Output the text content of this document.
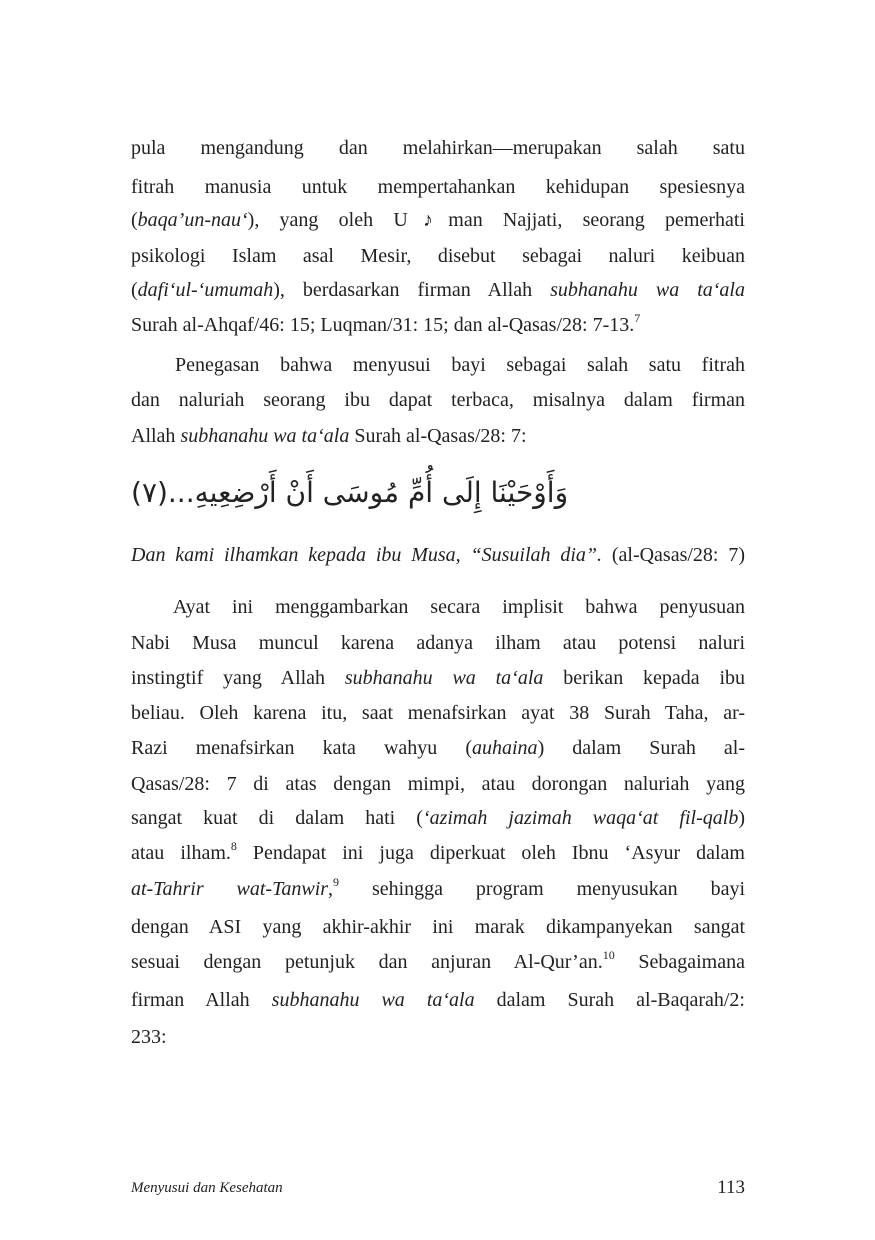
وَأَوْحَيْنَا إِلَى أُمِّ مُوسَى أَنْ أَرْضِعِيهِ...(٧)
Menyusui dan Kesehatan	113
pula mengandung dan melahirkan—merupakan salah satu
fitrah manusia untuk mempertahankan kehidupan spesiesnya
(baqa’un-nau‘), yang oleh U♪man Najjati, seorang pemerhati
psikologi Islam asal Mesir, disebut sebagai naluri keibuan
(dafi‘ul-‘umumah), berdasarkan firman Allah subhanahu wa ta‘ala
Surah al-Ahqaf/46: 15; Luqman/31: 15; dan al-Qasas/28: 7-13.$^7$
Penegasan bahwa menyusui bayi sebagai salah satu fitrah
dan naluriah seorang ibu dapat terbaca, misalnya dalam firman
Allah subhanahu wa ta‘ala Surah al-Qasas/28: 7:
Dan kami ilhamkan kepada ibu Musa, “Susuilah dia”. (al-Qasas/28: 7)
Ayat ini menggambarkan secara implisit bahwa penyusuan
Nabi Musa muncul karena adanya ilham atau potensi naluri
instingtif yang Allah subhanahu wa ta‘ala berikan kepada ibu
beliau. Oleh karena itu, saat menafsirkan ayat 38 Surah Taha, ar-
Razi menafsirkan kata wahyu (auhaina) dalam Surah al-
Qasas/28: 7 di atas dengan mimpi, atau dorongan naluriah yang
sangat kuat di dalam hati (‘azimah jazimah waqa‘at fil-qalb)
atau ilham.$^8$ Pendapat ini juga diperkuat oleh Ibnu ‘Asyur dalam
at-Tahrir wat-Tanwir,$^9$ sehingga program menyusukan bayi
dengan ASI yang akhir-akhir ini marak dikampanyekan sangat
sesuai dengan petunjuk dan anjuran Al-Qur’an.$^{10}$ Sebagaimana
firman Allah subhanahu wa ta‘ala dalam Surah al-Baqarah/2:
233:
